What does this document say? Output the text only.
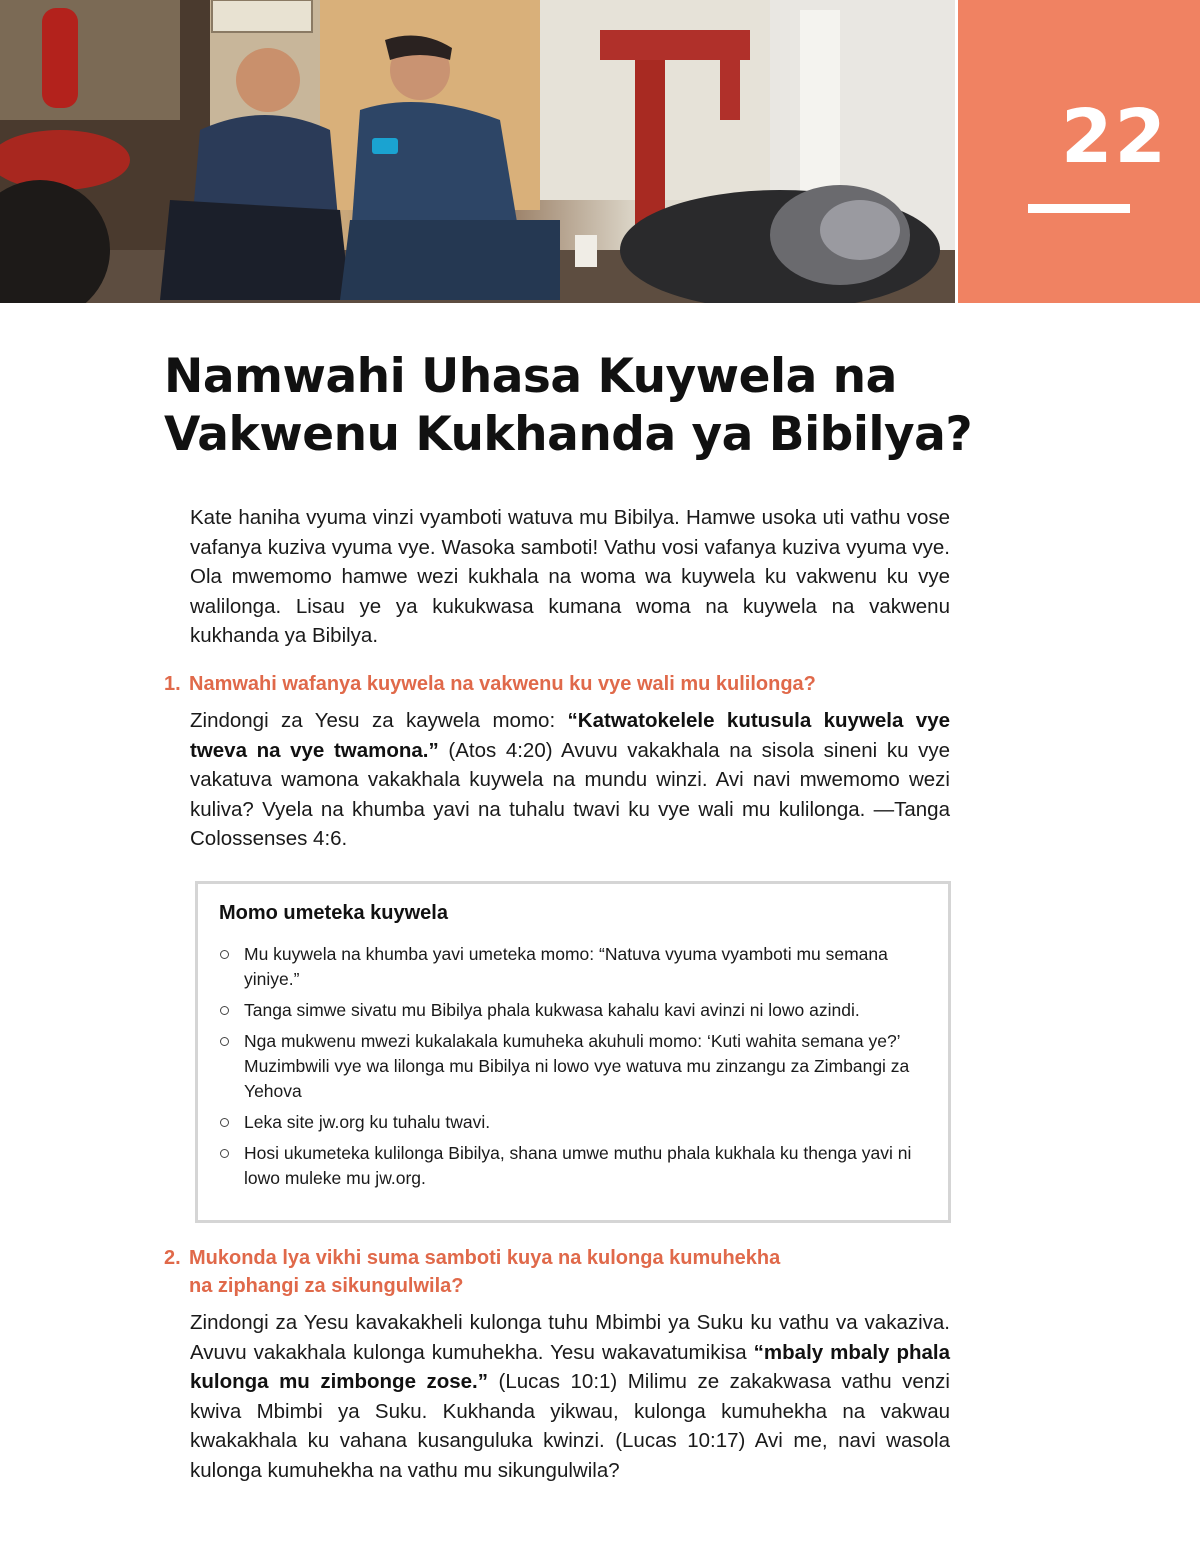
22
Namwahi Uhasa Kuywela na
Vakwenu Kukhanda ya Bibilya?

Kate haniha vyuma vinzi vyamboti watuva mu Bibilya. Hamwe usoka uti vathu vose vafanya kuziva vyuma vye. Wasoka samboti! Vathu vosi vafanya kuziva vyuma vye. Ola mwemomo hamwe wezi kukhala na woma wa kuywela ku vakwenu ku vye walilonga. Lisau ye ya kukukwasa kumana woma na kuywela na vakwenu kukhanda ya Bibilya.

1. Namwahi wafanya kuywela na vakwenu ku vye wali mu kulilonga?

Zindongi za Yesu za kaywela momo: “Katwatokelele kutusula kuywela vye tweva na vye twamona.” (Atos 4:20) Avuvu vakakhala na sisola sineni ku vye vakatuva wamona vakakhala kuywela na mundu winzi. Avi navi mwemomo wezi kuliva? Vyela na khumba yavi na tuhalu twavi ku vye wali mu kulilonga. —Tanga Colossenses 4:6.

Momo umeteka kuywela
Mu kuywela na khumba yavi umeteka momo: “Natuva vyuma vyamboti mu semana yiniye.”
Tanga simwe sivatu mu Bibilya phala kukwasa kahalu kavi avinzi ni lowo azindi.
Nga mukwenu mwezi kukalakala kumuheka akuhuli momo: ‘Kuti wahita semana ye?’ Muzimbwili vye wa lilonga mu Bibilya ni lowo vye watuva mu zinzangu za Zimbangi za Yehova
Leka site jw.org ku tuhalu twavi.
Hosi ukumeteka kulilonga Bibilya, shana umwe muthu phala kukhala ku thenga yavi ni lowo muleke mu jw.org.
2. Mukonda lya vikhi suma samboti kuya na kulonga kumuhekha
na ziphangi za sikungulwila?

Zindongi za Yesu kavakakheli kulonga tuhu Mbimbi ya Suku ku vathu va vakaziva. Avuvu vakakhala kulonga kumuhekha. Yesu wakavatumikisa “mbaly mbaly phala kulonga mu zimbonge zose.” (Lucas 10:1) Milimu ze zakakwasa vathu venzi kwiva Mbimbi ya Suku. Kukhanda yikwau, kulonga kumuhekha na vakwau kwakakhala ku vahana kusanguluka kwinzi. (Lucas 10:17) Avi me, navi wasola kulonga kumuhekha na vathu mu sikungulwila?
